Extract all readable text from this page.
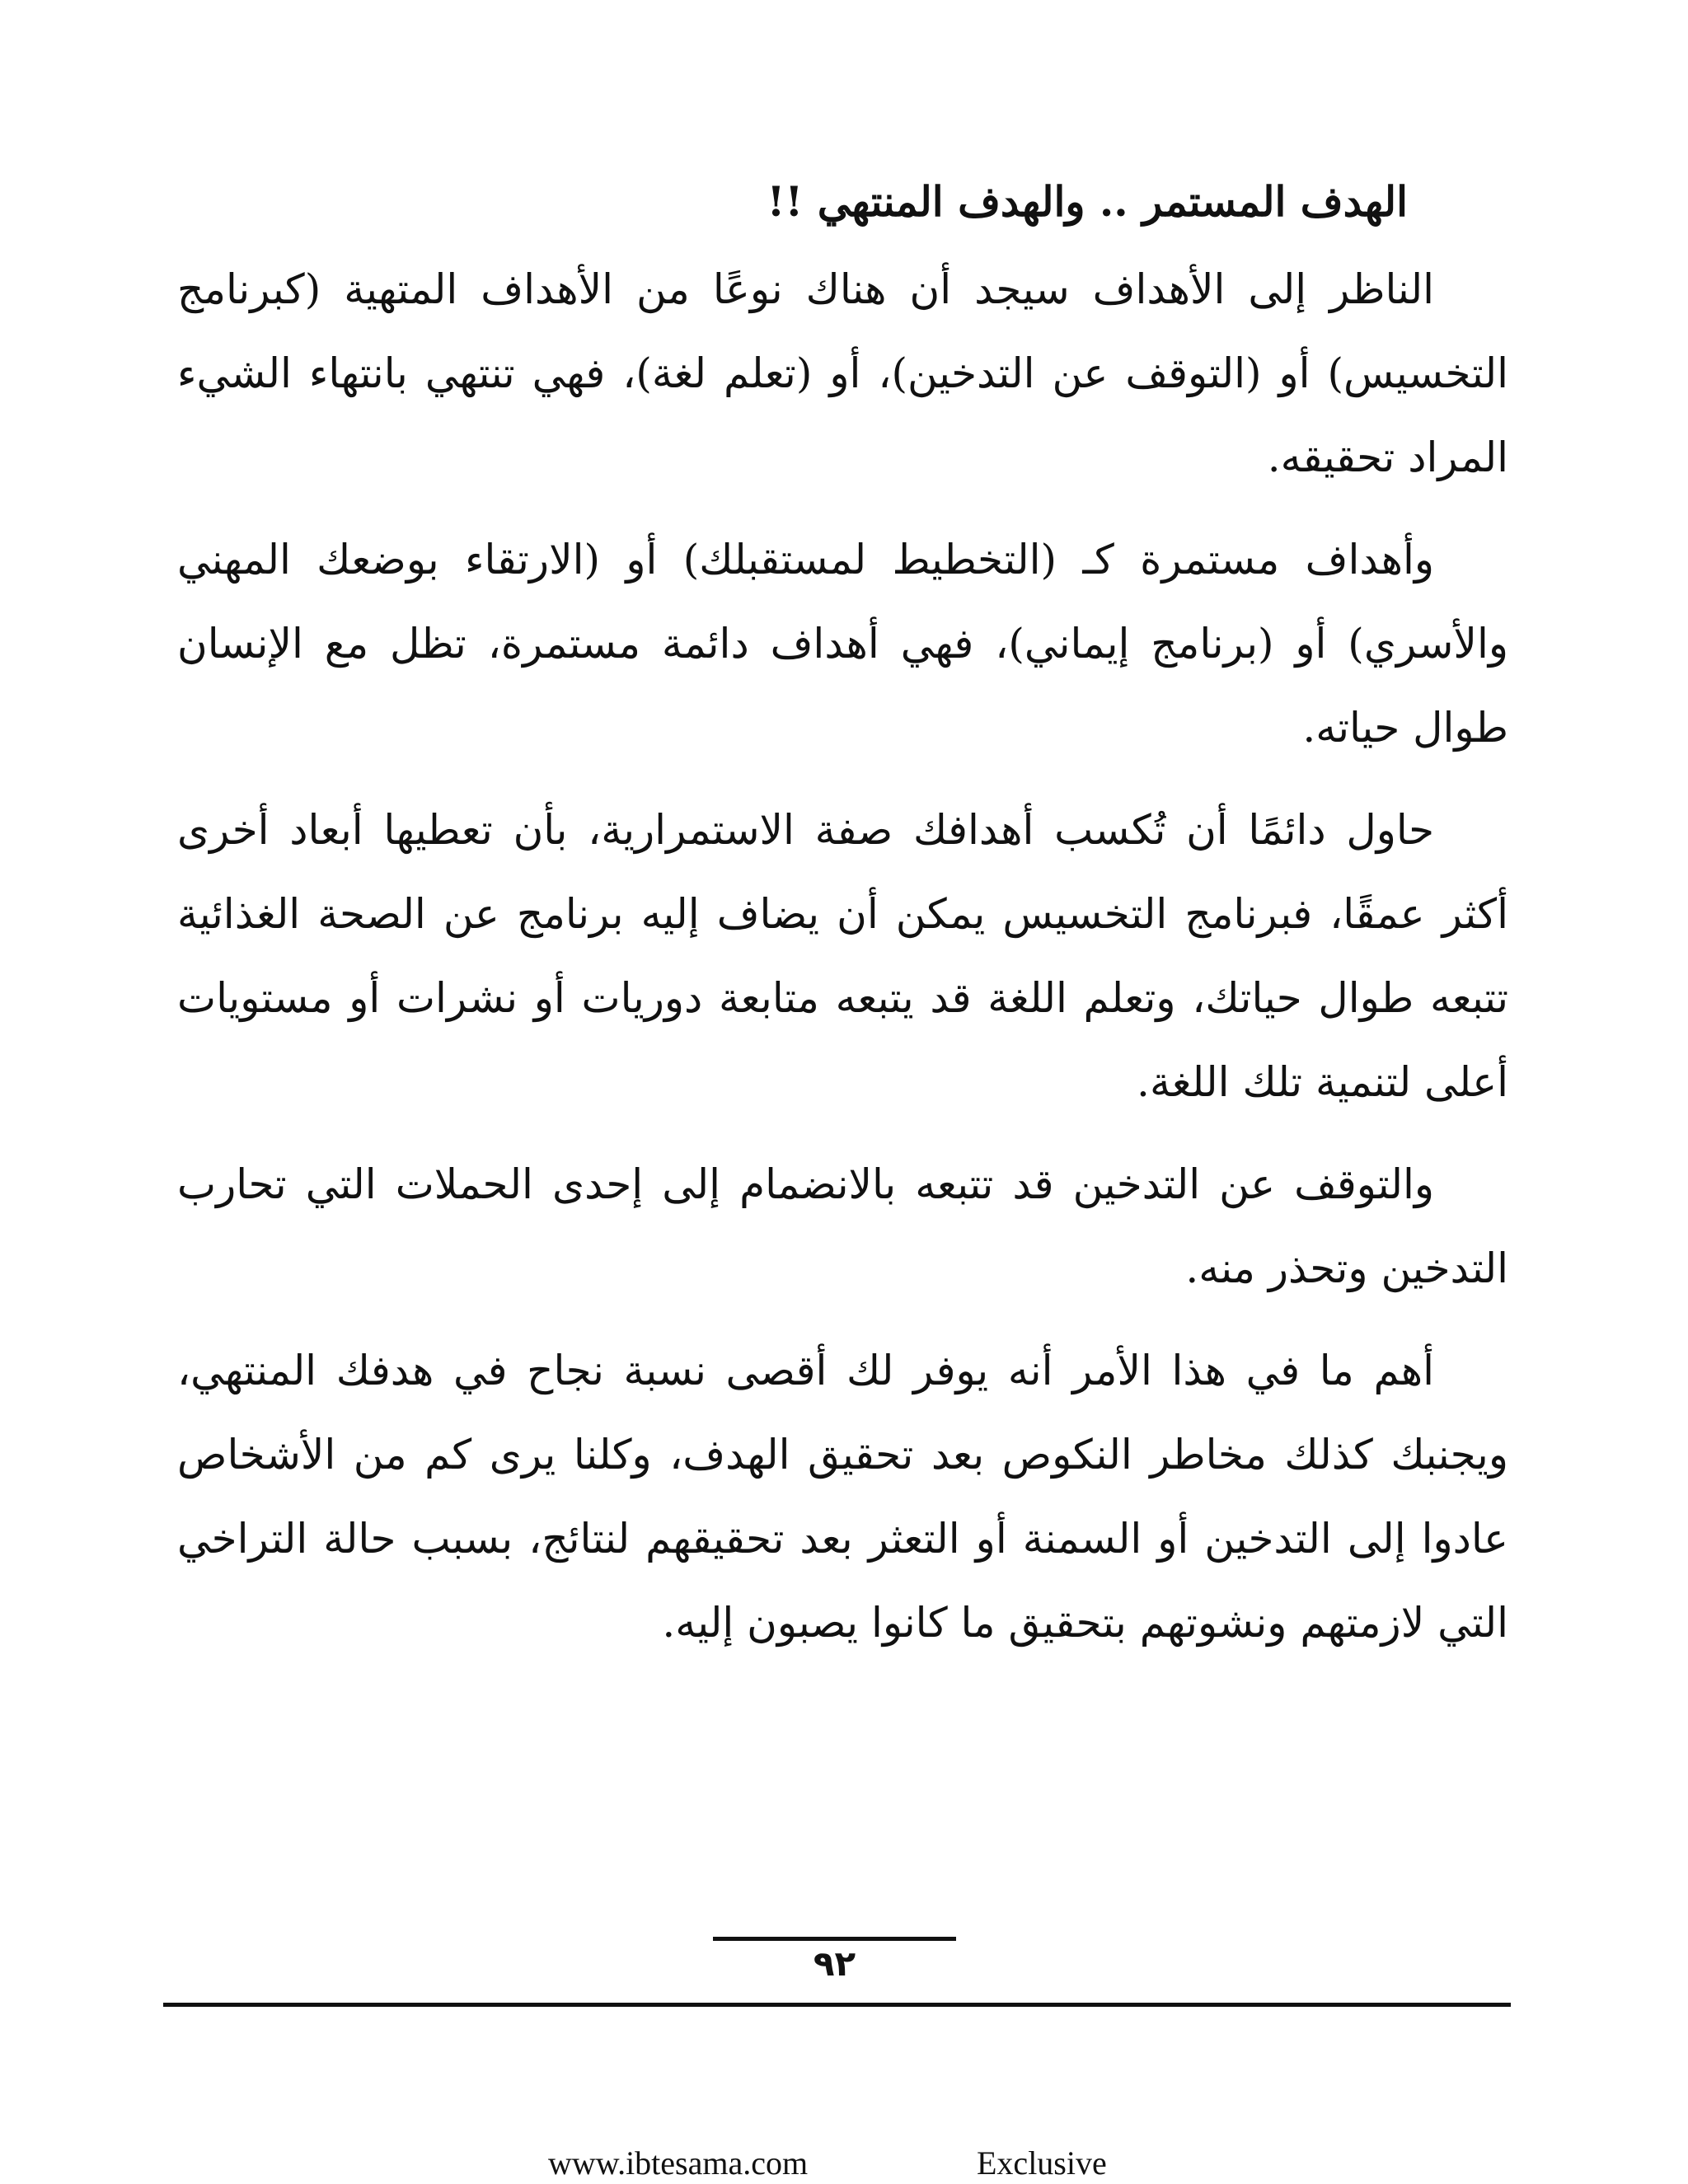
الهدف المستمر .. والهدف المنتهي !!

الناظر إلى الأهداف سيجد أن هناك نوعًا من الأهداف المتهية (كبرنامج التخسيس) أو (التوقف عن التدخين)، أو (تعلم لغة)، فهي تنتهي بانتهاء الشيء المراد تحقيقه.

وأهداف مستمرة كـ (التخطيط لمستقبلك) أو (الارتقاء بوضعك المهني والأسري) أو (برنامج إيماني)، فهي أهداف دائمة مستمرة، تظل مع الإنسان طوال حياته.

حاول دائمًا أن تُكسب أهدافك صفة الاستمرارية، بأن تعطيها أبعاد أخرى أكثر عمقًا، فبرنامج التخسيس يمكن أن يضاف إليه برنامج عن الصحة الغذائية تتبعه طوال حياتك، وتعلم اللغة قد يتبعه متابعة دوريات أو نشرات أو مستويات أعلى لتنمية تلك اللغة.

والتوقف عن التدخين قد تتبعه بالانضمام إلى إحدى الحملات التي تحارب التدخين وتحذر منه.

أهم ما في هذا الأمر أنه يوفر لك أقصى نسبة نجاح في هدفك المنتهي، ويجنبك كذلك مخاطر النكوص بعد تحقيق الهدف، وكلنا يرى كم من الأشخاص عادوا إلى التدخين أو السمنة أو التعثر بعد تحقيقهم لنتائج، بسبب حالة التراخي التي لازمتهم ونشوتهم بتحقيق ما كانوا يصبون إليه.

٩٢
www.ibtesama.com	Exclusive
